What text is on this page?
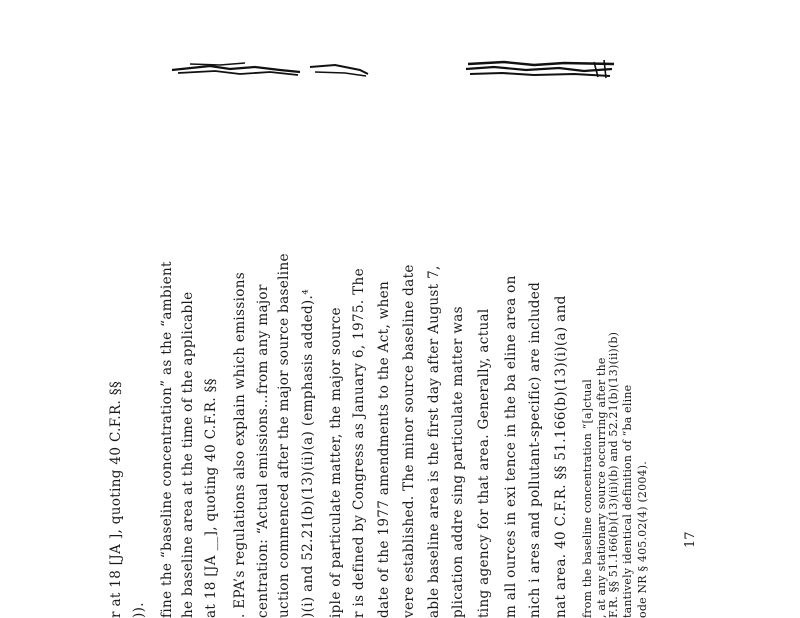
r at 18 [JA ], quoting 40 C.F.R. §§ )). fine the “baseline concentration” as the “ambient he baseline area at the time of the applicable at 18 [JA __], quoting 40 C.F.R. §§ . EPA’s regulations also explain which emissions centration: “Actual emissions…from any major uction commenced after the major source baseline )(i) and 52.21(b)(13)(ii)(a) (emphasis added).⁴ iple of particulate matter, the major source r is defined by Congress as January 6, 1975. The date of the 1977 amendments to the Act, when vere established. The minor source baseline date able baseline area is the first day after August 7, plication addre sing particulate matter was ting agency for that area. Generally, actual m all ources in exi tence in the ba eline area on nich i ares and pollutant-specific) are included nat area. 40 C.F.R. §§ 51.166(b)(13)(i)(a) and from the baseline concentration “[a]ctual , at any stationary source occurring after the F.R. §§ 51.166(b)(13)(ii)(b) and 52.21(b)(13)(ii)(b) tantively identical definition of “ba eline ode NR § 405.02(4) (2004).	17
